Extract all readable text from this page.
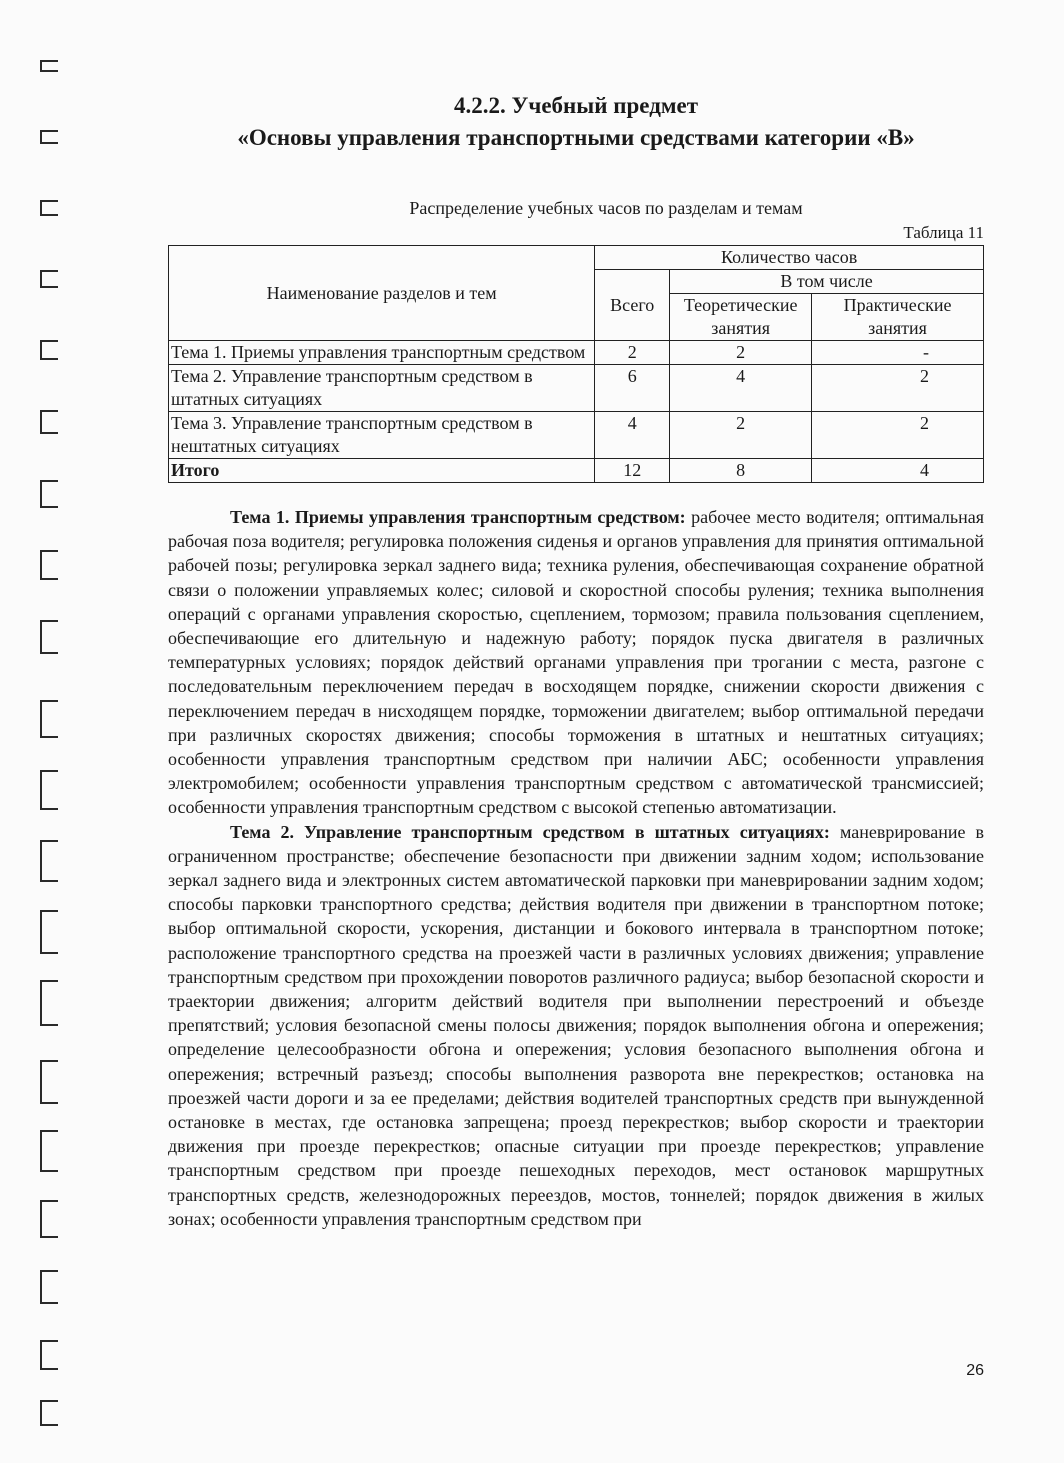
4.2.2. Учебный предмет
«Основы управления транспортными средствами категории «В»
Распределение учебных часов по разделам и темам
Таблица 11
Наименование разделов и тем	Количество часов		
	Всего	В том числе	
		Теоретические занятия	Практические занятия
Тема 1. Приемы управления транспортным средством	2	2	-
Тема 2. Управление транспортным средством в штатных ситуациях	6	4	2
Тема 3. Управление транспортным средством в нештатных ситуациях	4	2	2
Итого	12	8	4

Тема 1. Приемы управления транспортным средством: рабочее место водителя; оптимальная рабочая поза водителя; регулировка положения сиденья и органов управления для принятия оптимальной рабочей позы; регулировка зеркал заднего вида; техника руления, обеспечивающая сохранение обратной связи о положении управляемых колес; силовой и скоростной способы руления; техника выполнения операций с органами управления скоростью, сцеплением, тормозом; правила пользования сцеплением, обеспечивающие его длительную и надежную работу; порядок пуска двигателя в различных температурных условиях; порядок действий органами управления при трогании с места, разгоне с последовательным переключением передач в восходящем порядке, снижении скорости движения с переключением передач в нисходящем порядке, торможении двигателем; выбор оптимальной передачи при различных скоростях движения; способы торможения в штатных и нештатных ситуациях; особенности управления транспортным средством при наличии АБС; особенности управления электромобилем; особенности управления транспортным средством с автоматической трансмиссией; особенности управления транспортным средством с высокой степенью автоматизации.

Тема 2. Управление транспортным средством в штатных ситуациях: маневрирование в ограниченном пространстве; обеспечение безопасности при движении задним ходом; использование зеркал заднего вида и электронных систем автоматической парковки при маневрировании задним ходом; способы парковки транспортного средства; действия водителя при движении в транспортном потоке; выбор оптимальной скорости, ускорения, дистанции и бокового интервала в транспортном потоке; расположение транспортного средства на проезжей части в различных условиях движения; управление транспортным средством при прохождении поворотов различного радиуса; выбор безопасной скорости и траектории движения; алгоритм действий водителя при выполнении перестроений и объезде препятствий; условия безопасной смены полосы движения; порядок выполнения обгона и опережения; определение целесообразности обгона и опережения; условия безопасного выполнения обгона и опережения; встречный разъезд; способы выполнения разворота вне перекрестков; остановка на проезжей части дороги и за ее пределами; действия водителей транспортных средств при вынужденной остановке в местах, где остановка запрещена; проезд перекрестков; выбор скорости и траектории движения при проезде перекрестков; опасные ситуации при проезде перекрестков; управление транспортным средством при проезде пешеходных переходов, мест остановок маршрутных транспортных средств, железнодорожных переездов, мостов, тоннелей; порядок движения в жилых зонах; особенности управления транспортным средством при

26
